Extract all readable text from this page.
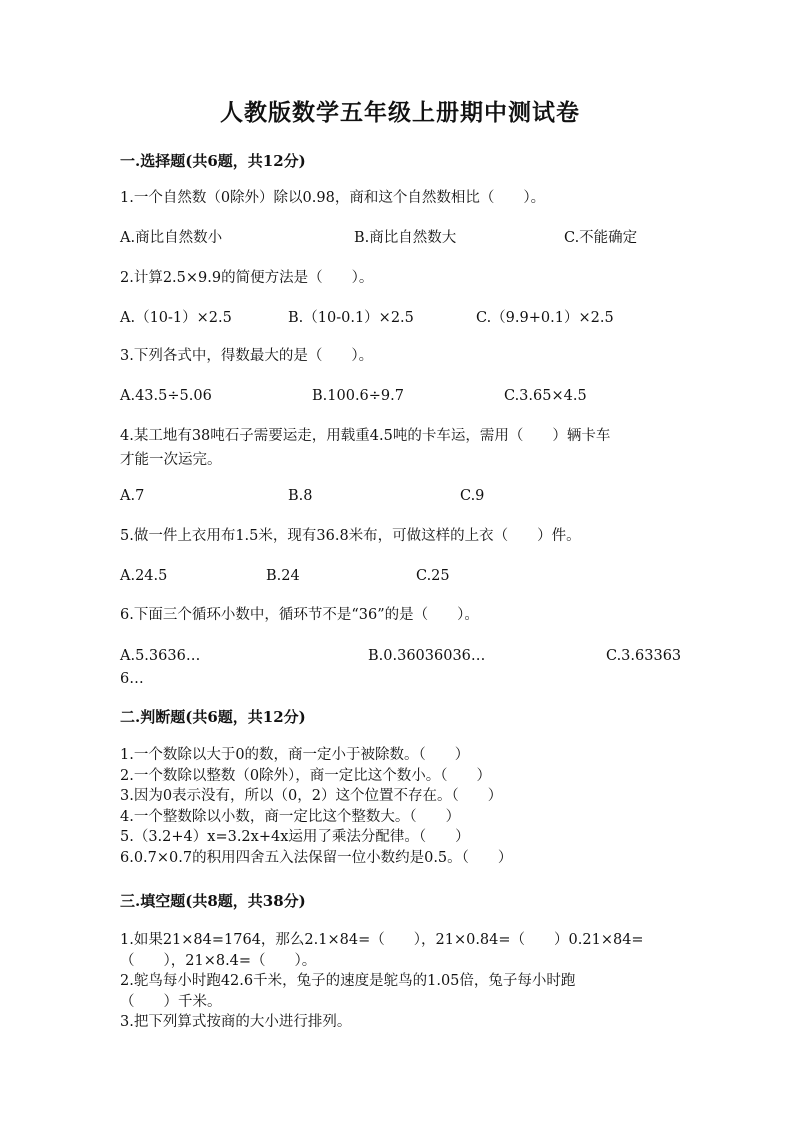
人教版数学五年级上册期中测试卷
一.选择题(共6题，共12分)
1.一个自然数（0除外）除以0.98，商和这个自然数相比（　　）。
A.商比自然数小	B.商比自然数大	C.不能确定
2.计算2.5×9.9的简便方法是（　　）。
A.（10-1）×2.5	B.（10-0.1）×2.5	C.（9.9+0.1）×2.5
3.下列各式中，得数最大的是（　　）。
A.43.5÷5.06	B.100.6÷9.7	C.3.65×4.5
4.某工地有38吨石子需要运走，用载重4.5吨的卡车运，需用（　　）辆卡车
才能一次运完。
A.7	B.8	C.9
5.做一件上衣用布1.5米，现有36.8米布，可做这样的上衣（　　）件。
A.24.5	B.24	C.25
6.下面三个循环小数中，循环节不是“36”的是（　　）。
A.5.3636…	B.0.36036036…	C.3.63363
6…
二.判断题(共6题，共12分)
1.一个数除以大于0的数，商一定小于被除数。（　　）
2.一个数除以整数（0除外），商一定比这个数小。（　　）
3.因为0表示没有，所以（0，2）这个位置不存在。（　　）
4.一个整数除以小数，商一定比这个整数大。（　　）
5.（3.2+4）x=3.2x+4x运用了乘法分配律。（　　）
6.0.7×0.7的积用四舍五入法保留一位小数约是0.5。（　　）
三.填空题(共8题，共38分)
1.如果21×84=1764，那么2.1×84=（　　），21×0.84=（　　）0.21×84=
（　　），21×8.4=（　　）。
2.鸵鸟每小时跑42.6千米，兔子的速度是鸵鸟的1.05倍，兔子每小时跑
（　　）千米。
3.把下列算式按商的大小进行排列。
